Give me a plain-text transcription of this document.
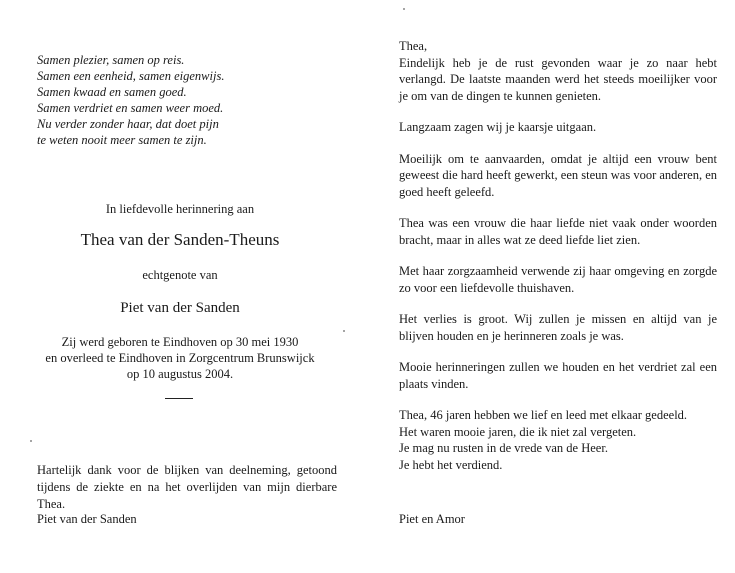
Samen plezier, samen op reis.
Samen een eenheid, samen eigenwijs.
Samen kwaad en samen goed.
Samen verdriet en samen weer moed.
Nu verder zonder haar, dat doet pijn
te weten nooit meer samen te zijn.
In liefdevolle herinnering aan
Thea van der Sanden-Theuns
echtgenote van
Piet van der Sanden
Zij werd geboren te Eindhoven op 30 mei 1930
en overleed te Eindhoven in Zorgcentrum Brunswijck
op 10 augustus 2004.
Hartelijk dank voor de blijken van deelneming, getoond tijdens de ziekte en na het overlijden van mijn dierbare Thea.
Piet van der Sanden

Thea,
Eindelijk heb je de rust gevonden waar je zo naar hebt verlangd. De laatste maanden werd het steeds moeilijker voor je om van de dingen te kunnen genieten.

Langzaam zagen wij je kaarsje uitgaan.

Moeilijk om te aanvaarden, omdat je altijd een vrouw bent geweest die hard heeft gewerkt, een steun was voor anderen, en goed heeft geleefd.

Thea was een vrouw die haar liefde niet vaak onder woorden bracht, maar in alles wat ze deed liefde liet zien.

Met haar zorgzaamheid verwende zij haar omgeving en zorgde zo voor een liefdevolle thuishaven.

Het verlies is groot. Wij zullen je missen en altijd van je blijven houden en je herinneren zoals je was.

Mooie herinneringen zullen we houden en het verdriet zal een plaats vinden.

Thea, 46 jaren hebben we lief en leed met elkaar gedeeld.
Het waren mooie jaren, die ik niet zal vergeten.
Je mag nu rusten in de vrede van de Heer.
Je hebt het verdiend.

Piet en Amor
